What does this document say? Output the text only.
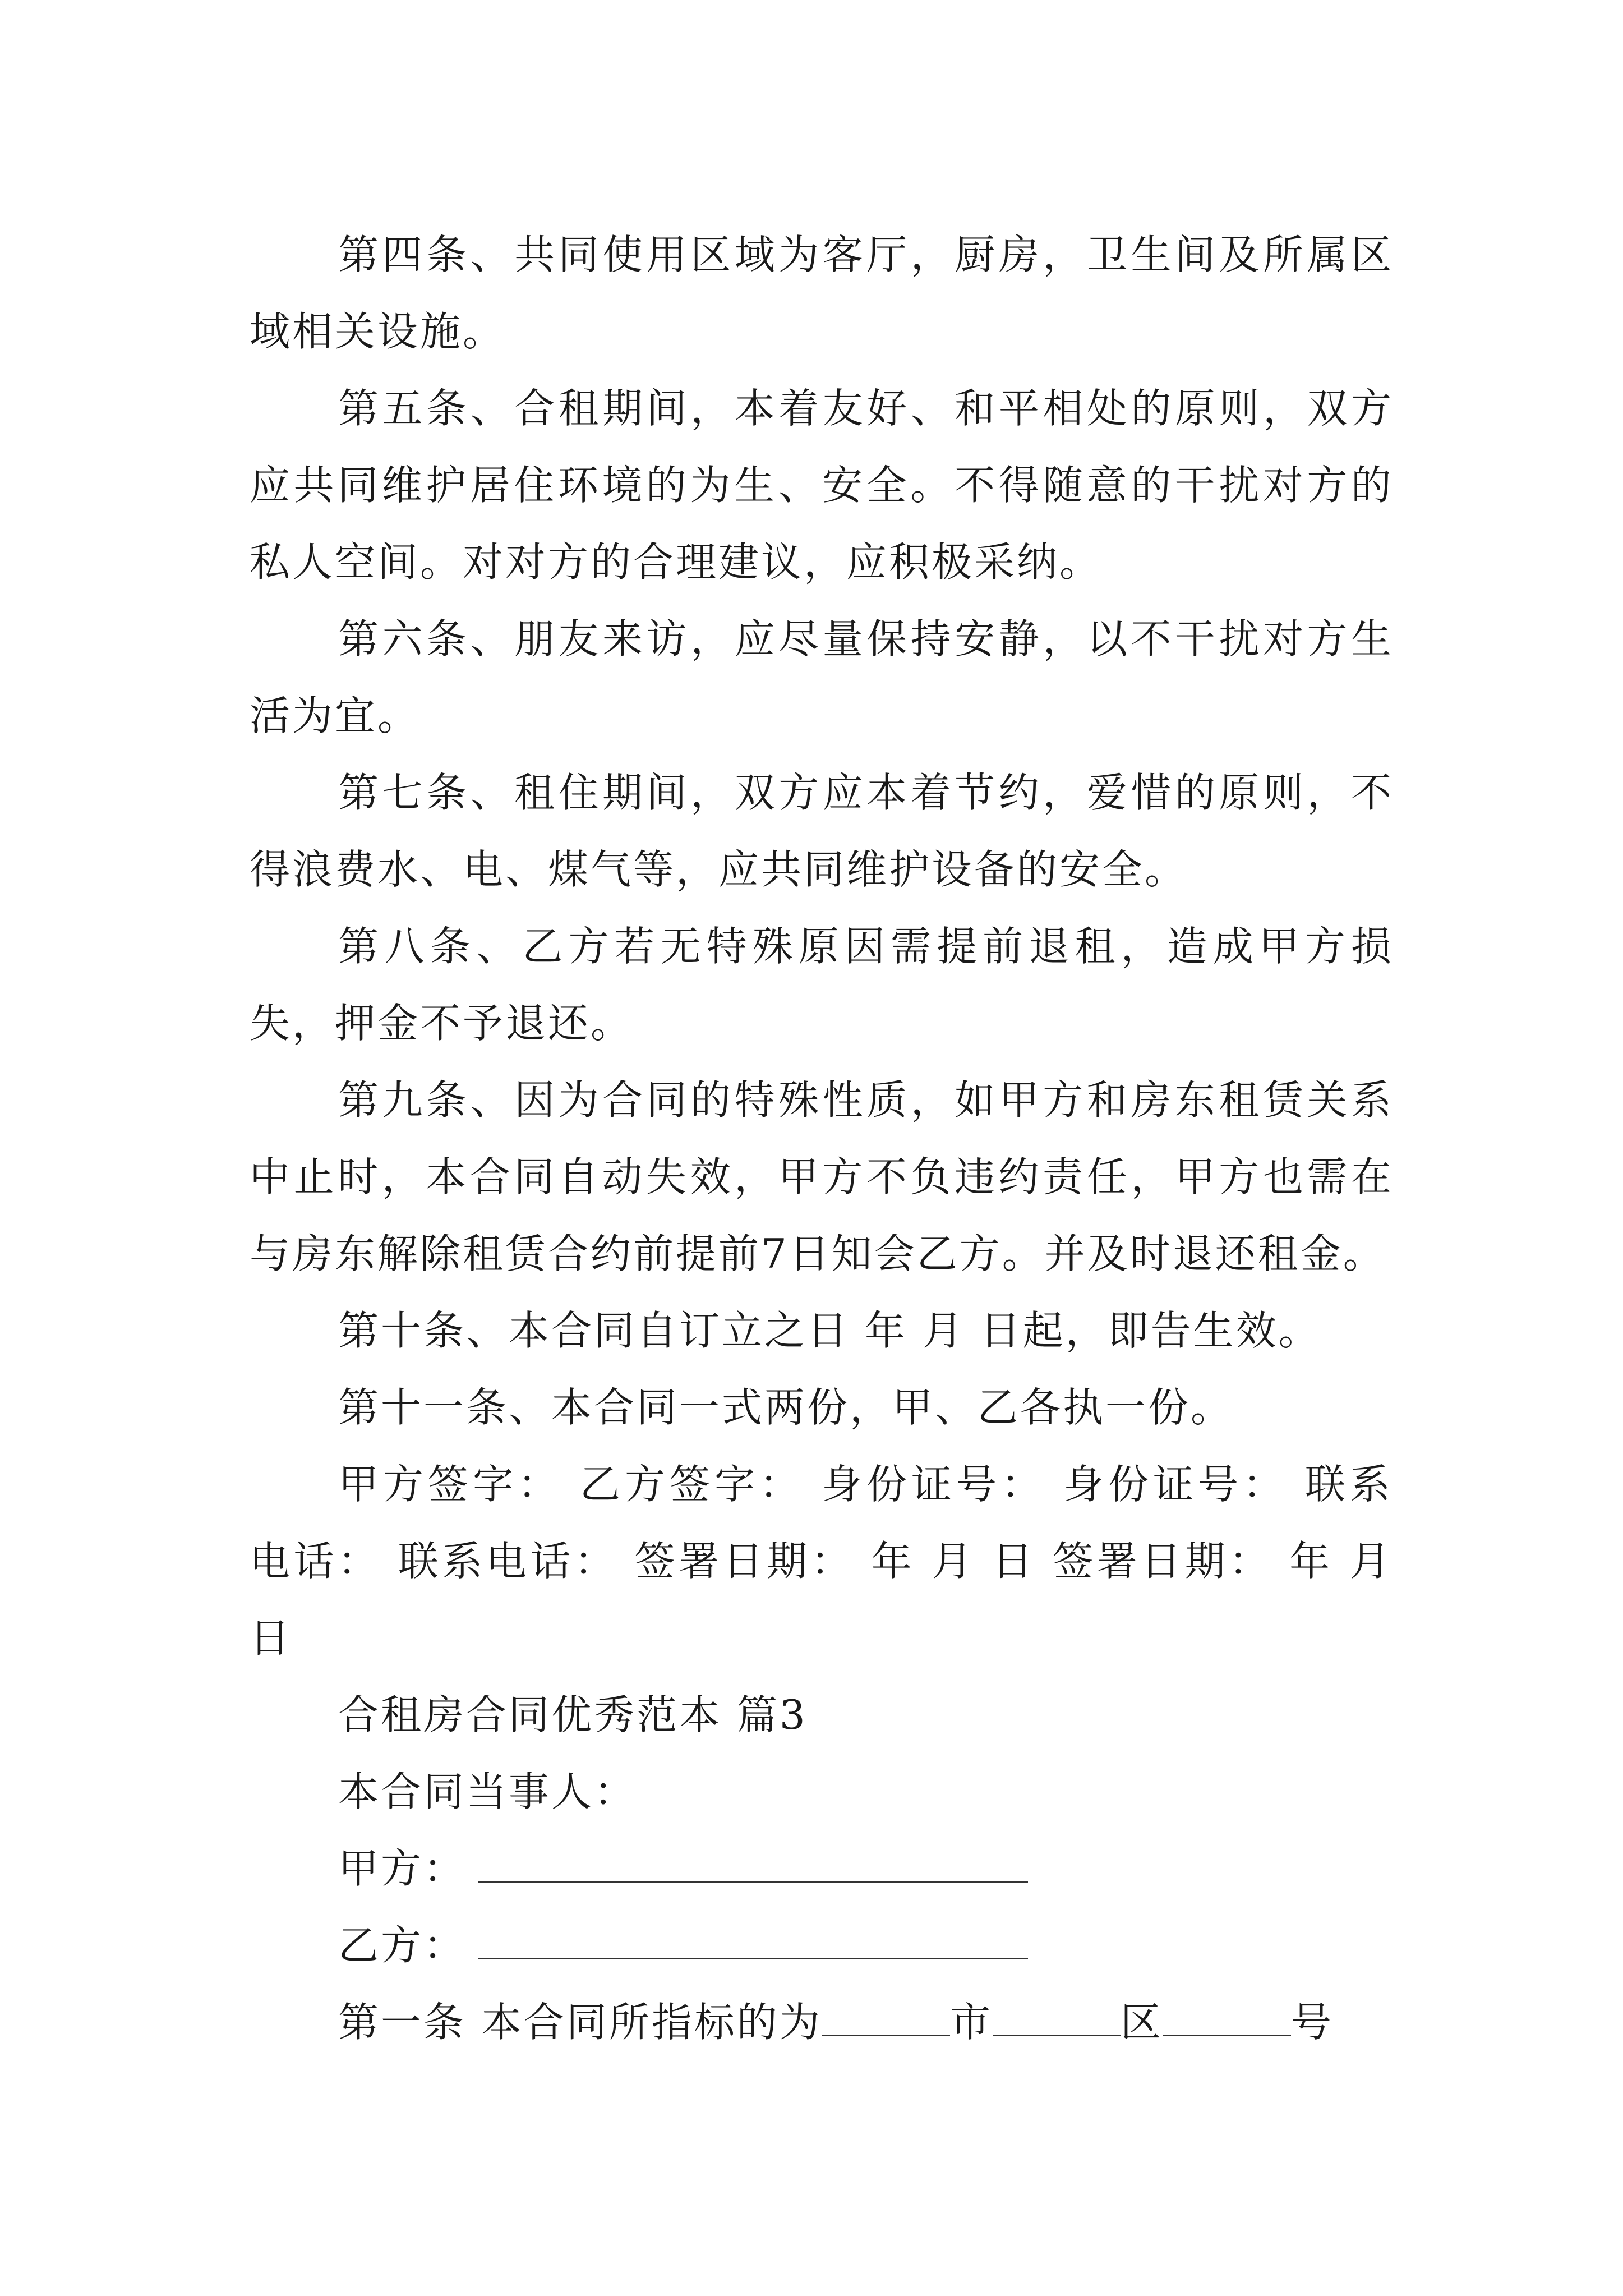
第四条、共同使用区域为客厅，厨房，卫生间及所属区域相关设施。

第五条、合租期间，本着友好、和平相处的原则，双方应共同维护居住环境的为生、安全。不得随意的干扰对方的私人空间。对对方的合理建议，应积极采纳。

第六条、朋友来访，应尽量保持安静，以不干扰对方生活为宜。

第七条、租住期间，双方应本着节约，爱惜的原则，不得浪费水、电、煤气等，应共同维护设备的安全。

第八条、乙方若无特殊原因需提前退租，造成甲方损失，押金不予退还。

第九条、因为合同的特殊性质，如甲方和房东租赁关系中止时，本合同自动失效，甲方不负违约责任，甲方也需在与房东解除租赁合约前提前7日知会乙方。并及时退还租金。

第十条、本合同自订立之日 年 月 日起，即告生效。

第十一条、本合同一式两份，甲、乙各执一份。

甲方签字： 乙方签字： 身份证号： 身份证号： 联系电话： 联系电话： 签署日期： 年 月 日 签署日期： 年 月 日

合租房合同优秀范本 篇3

本合同当事人：

甲方：

乙方：

第一条 本合同所指标的为	市	区	号
